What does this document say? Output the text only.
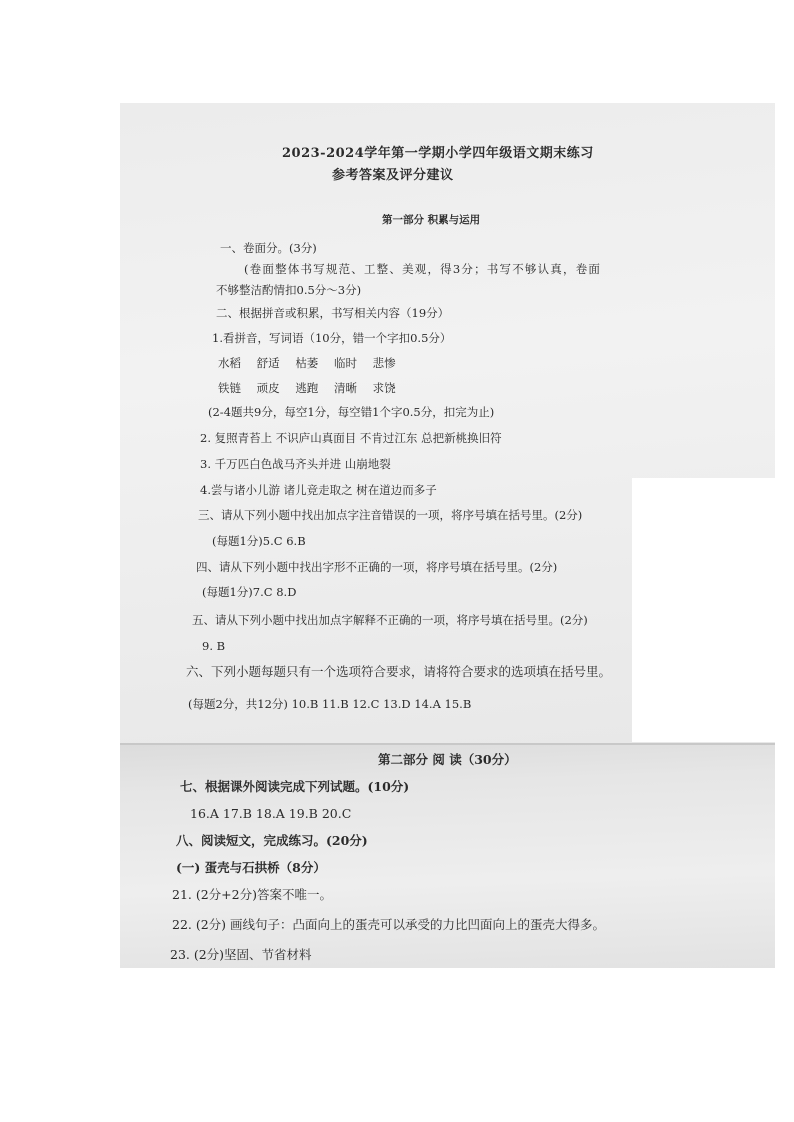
2023-2024学年第一学期小学四年级语文期末练习
参考答案及评分建议
第一部分 积累与运用
一、卷面分。(3分)
(卷面整体书写规范、工整、美观，得3分；书写不够认真，卷面
不够整洁酌情扣0.5分～3分)
二、根据拼音或积累，书写相关内容（19分）
1.看拼音，写词语（10分，错一个字扣0.5分）
水稻 舒适 枯萎 临时 悲惨
铁链 顽皮 逃跑 清晰 求饶
(2-4题共9分，每空1分，每空错1个字0.5分，扣完为止)
2. 复照青苔上 不识庐山真面目 不肯过江东 总把新桃换旧符
3. 千万匹白色战马齐头并进 山崩地裂
4.尝与诸小儿游 诸儿竞走取之 树在道边而多子
三、请从下列小题中找出加点字注音错误的一项，将序号填在括号里。(2分)
(每题1分)5.C 6.B
四、请从下列小题中找出字形不正确的一项，将序号填在括号里。(2分)
(每题1分)7.C 8.D
五、请从下列小题中找出加点字解释不正确的一项，将序号填在括号里。(2分)
9. B
六、下列小题每题只有一个选项符合要求，请将符合要求的选项填在括号里。
(每题2分，共12分) 10.B 11.B 12.C 13.D 14.A 15.B
第二部分 阅 读（30分）
七、根据课外阅读完成下列试题。(10分)
16.A 17.B 18.A 19.B 20.C
八、阅读短文，完成练习。(20分)
(一) 蛋壳与石拱桥（8分）
21. (2分+2分)答案不唯一。
22. (2分) 画线句子：凸面向上的蛋壳可以承受的力比凹面向上的蛋壳大得多。
23. (2分)坚固、节省材料
